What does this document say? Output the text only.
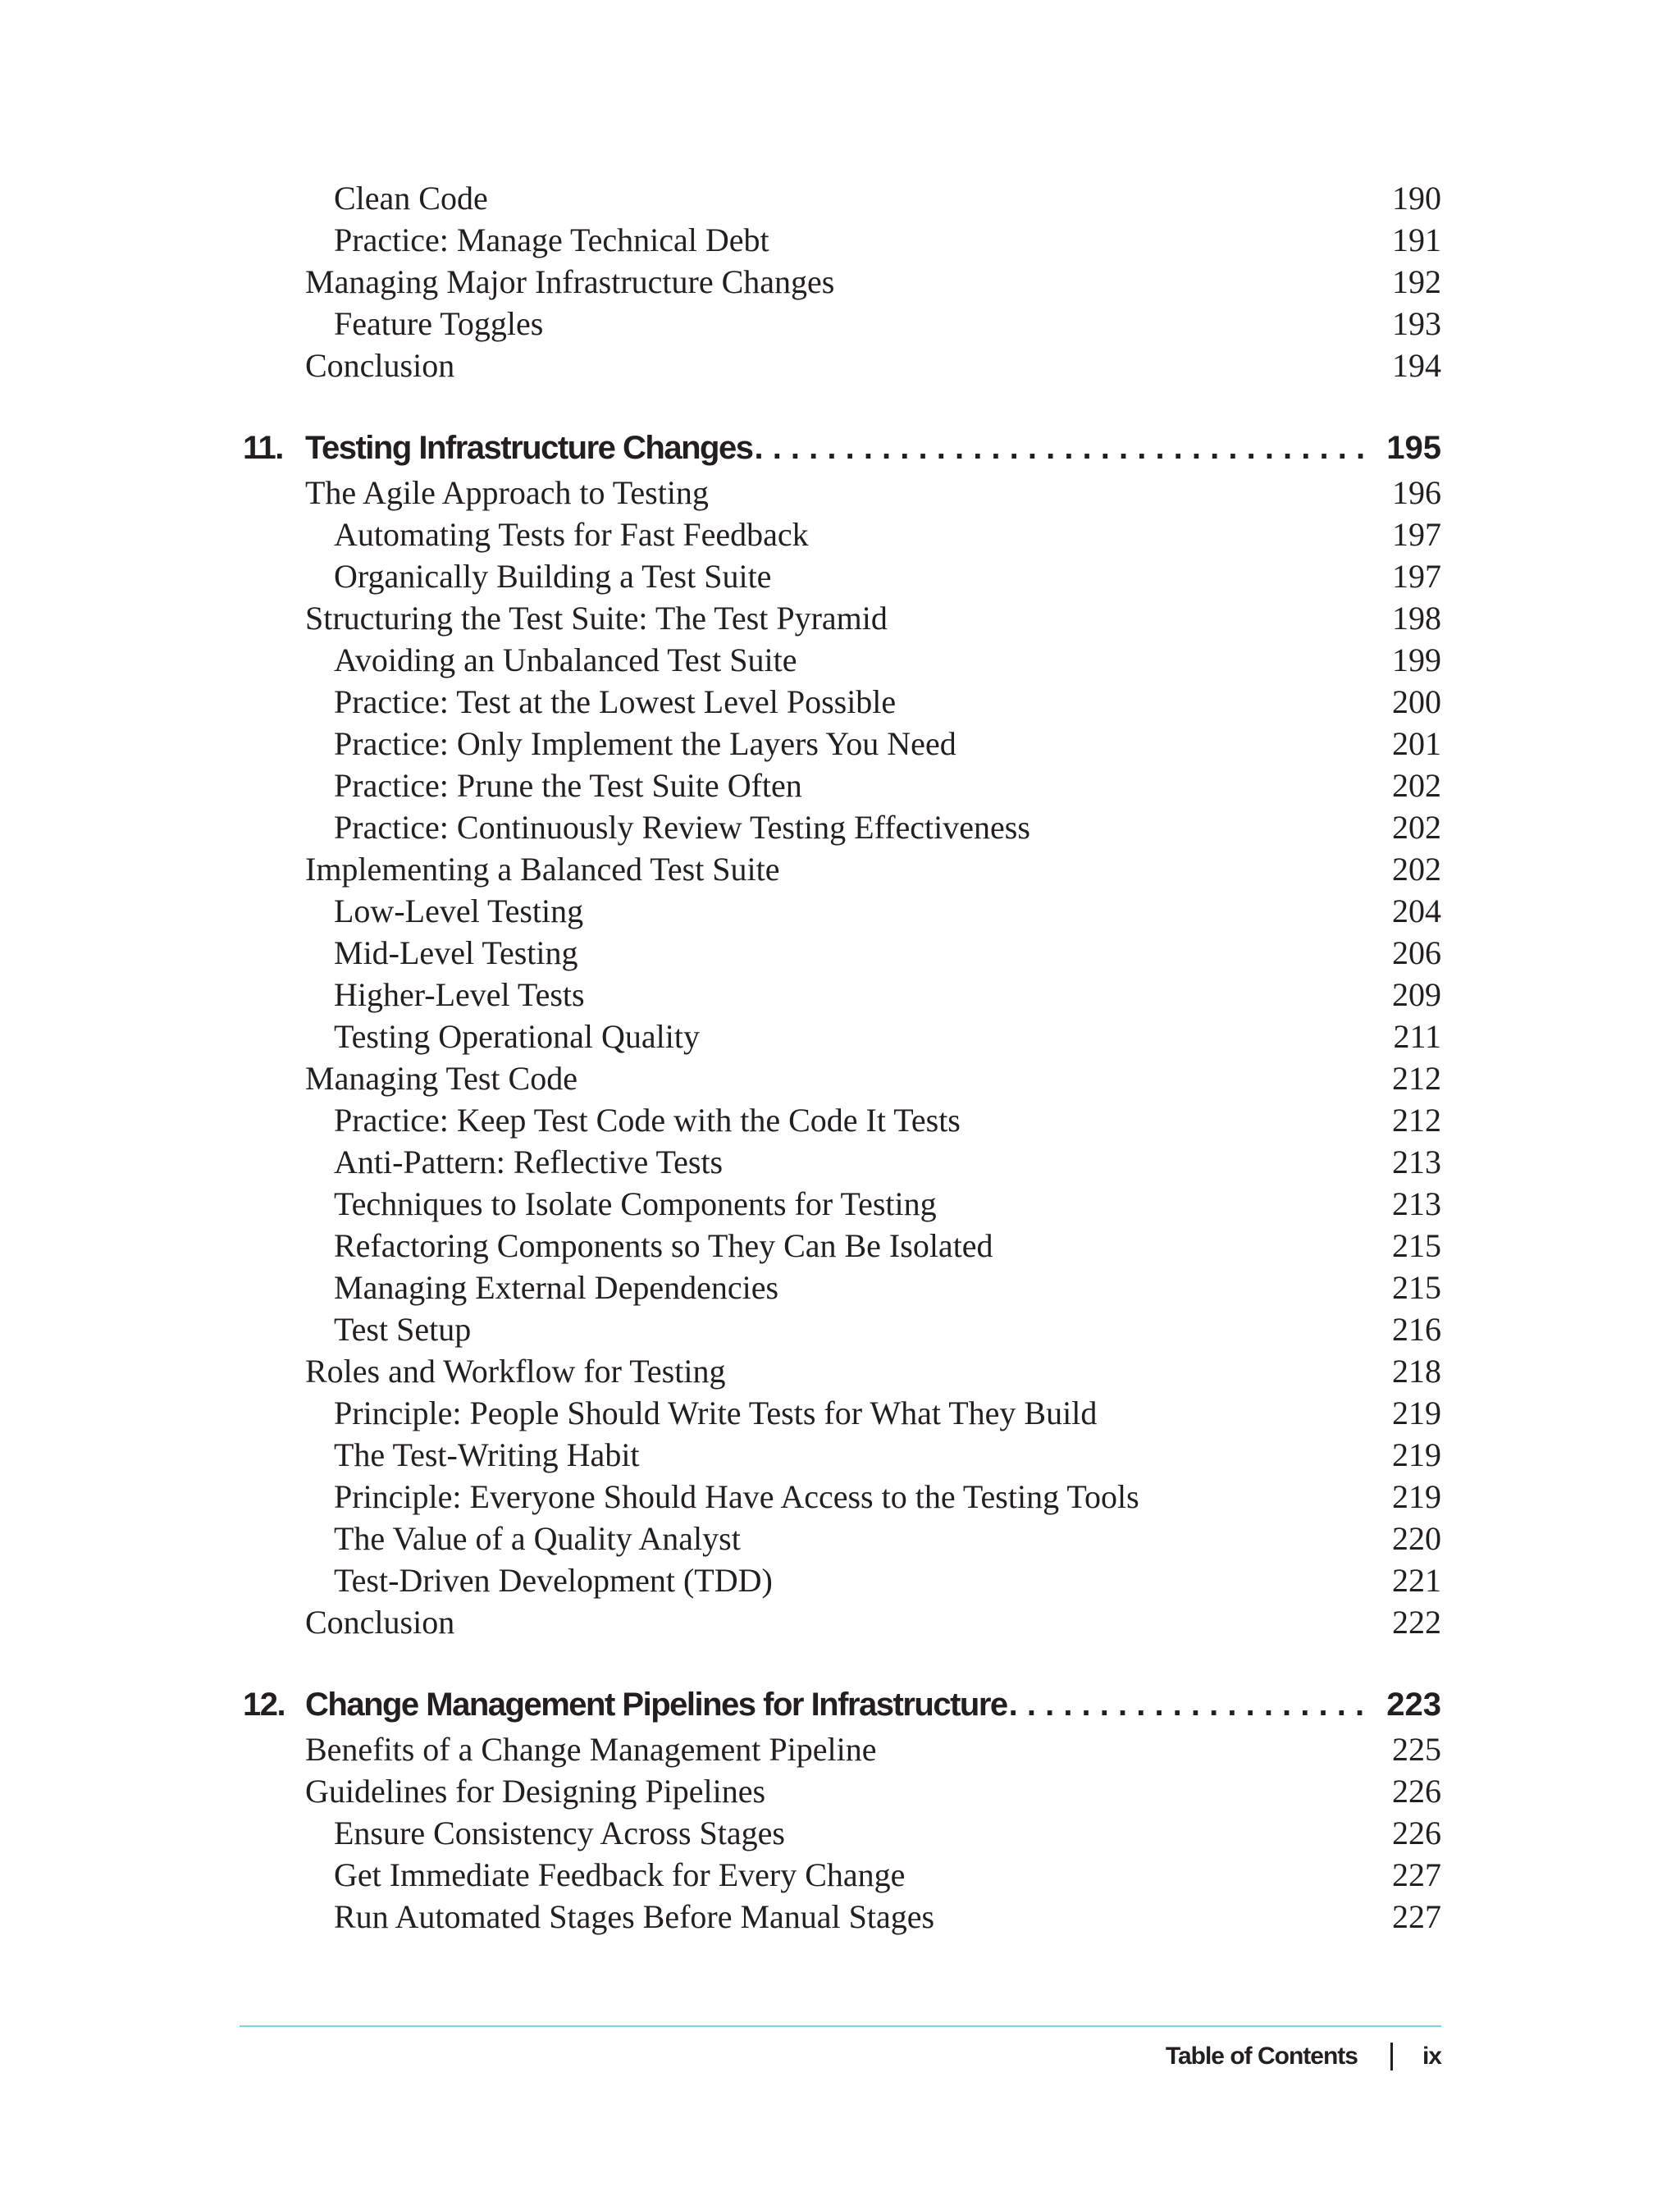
Clean Code	190
Practice: Manage Technical Debt	191
Managing Major Infrastructure Changes	192
Feature Toggles	193
Conclusion	194
11. Testing Infrastructure Changes . . .	195
The Agile Approach to Testing	196
Automating Tests for Fast Feedback	197
Organically Building a Test Suite	197
Structuring the Test Suite: The Test Pyramid	198
Avoiding an Unbalanced Test Suite	199
Practice: Test at the Lowest Level Possible	200
Practice: Only Implement the Layers You Need	201
Practice: Prune the Test Suite Often	202
Practice: Continuously Review Testing Effectiveness	202
Implementing a Balanced Test Suite	202
Low-Level Testing	204
Mid-Level Testing	206
Higher-Level Tests	209
Testing Operational Quality	211
Managing Test Code	212
Practice: Keep Test Code with the Code It Tests	212
Anti-Pattern: Reflective Tests	213
Techniques to Isolate Components for Testing	213
Refactoring Components so They Can Be Isolated	215
Managing External Dependencies	215
Test Setup	216
Roles and Workflow for Testing	218
Principle: People Should Write Tests for What They Build	219
The Test-Writing Habit	219
Principle: Everyone Should Have Access to the Testing Tools	219
The Value of a Quality Analyst	220
Test-Driven Development (TDD)	221
Conclusion	222
12. Change Management Pipelines for Infrastructure . . .	223
Benefits of a Change Management Pipeline	225
Guidelines for Designing Pipelines	226
Ensure Consistency Across Stages	226
Get Immediate Feedback for Every Change	227
Run Automated Stages Before Manual Stages	227
Table of Contents	ix
